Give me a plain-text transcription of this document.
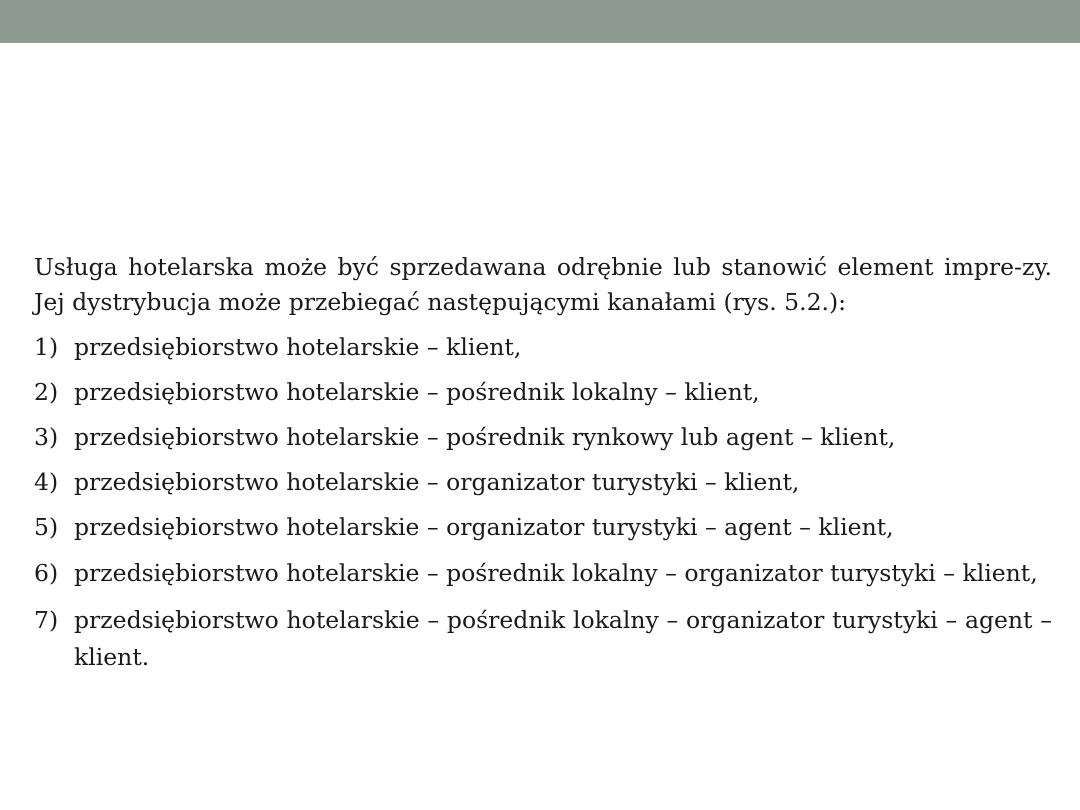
Usługa hotelarska może być sprzedawana odrębnie lub stanowić element impre-zy. Jej dystrybucja może przebiegać następującymi kanałami (rys. 5.2.):

1) przedsiębiorstwo hotelarskie – klient,
2) przedsiębiorstwo hotelarskie – pośrednik lokalny – klient,
3) przedsiębiorstwo hotelarskie – pośrednik rynkowy lub agent – klient,
4) przedsiębiorstwo hotelarskie – organizator turystyki – klient,
5) przedsiębiorstwo hotelarskie – organizator turystyki – agent – klient,
6) przedsiębiorstwo hotelarskie – pośrednik lokalny – organizator turystyki – klient,
7) przedsiębiorstwo hotelarskie – pośrednik lokalny – organizator turystyki – agent – klient.
